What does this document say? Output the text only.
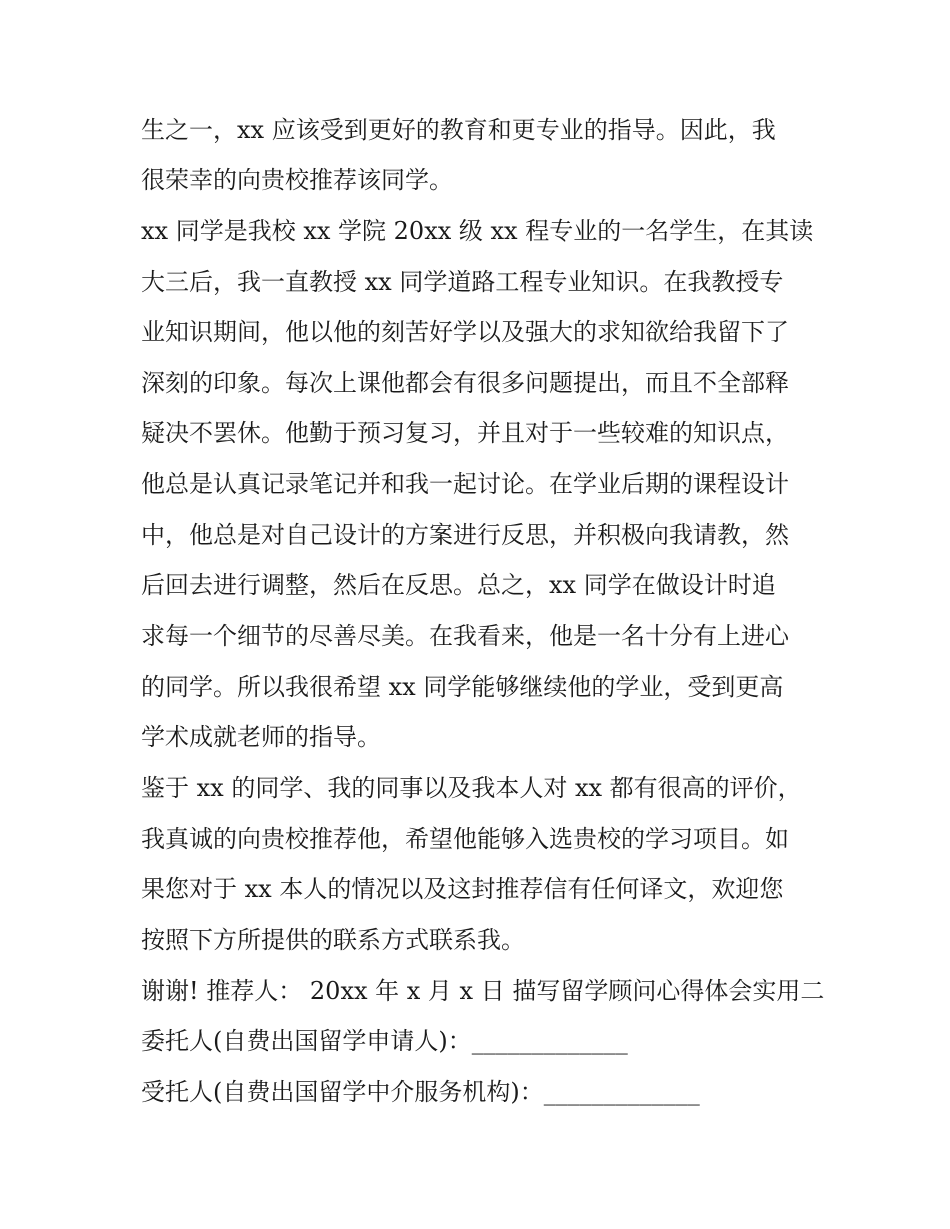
生之一，xx 应该受到更好的教育和更专业的指导。因此，我
很荣幸的向贵校推荐该同学。
xx 同学是我校 xx 学院 20xx 级 xx 程专业的一名学生，在其读
大三后，我一直教授 xx 同学道路工程专业知识。在我教授专
业知识期间，他以他的刻苦好学以及强大的求知欲给我留下了
深刻的印象。每次上课他都会有很多问题提出，而且不全部释
疑决不罢休。他勤于预习复习，并且对于一些较难的知识点，
他总是认真记录笔记并和我一起讨论。在学业后期的课程设计
中，他总是对自己设计的方案进行反思，并积极向我请教，然
后回去进行调整，然后在反思。总之，xx 同学在做设计时追
求每一个细节的尽善尽美。在我看来，他是一名十分有上进心
的同学。所以我很希望 xx 同学能够继续他的学业，受到更高
学术成就老师的指导。
鉴于 xx 的同学、我的同事以及我本人对 xx 都有很高的评价，
我真诚的向贵校推荐他，希望他能够入选贵校的学习项目。如
果您对于 xx 本人的情况以及这封推荐信有任何译文，欢迎您
按照下方所提供的联系方式联系我。
谢谢! 推荐人： 20xx 年 x 月 x 日 描写留学顾问心得体会实用二
委托人(自费出国留学申请人)：_____________
受托人(自费出国留学中介服务机构)：_____________
